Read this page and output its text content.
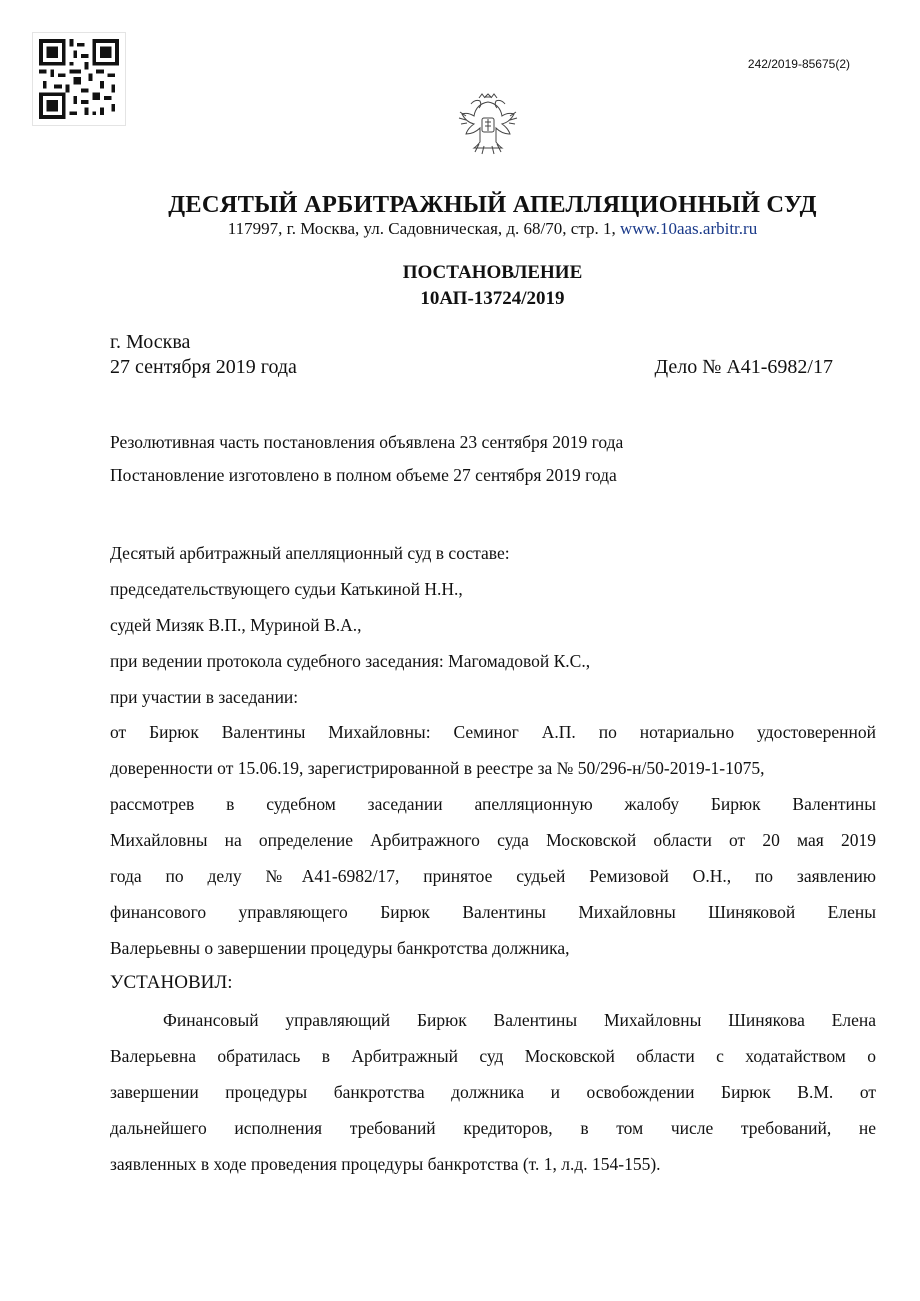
242/2019-85675(2)
ДЕСЯТЫЙ АРБИТРАЖНЫЙ АПЕЛЛЯЦИОННЫЙ СУД
117997, г. Москва, ул. Садовническая, д. 68/70, стр. 1, www.10aas.arbitr.ru
ПОСТАНОВЛЕНИЕ
10АП-13724/2019
г. Москва
27 сентября 2019 года	Дело № А41-6982/17
Резолютивная часть постановления объявлена 23 сентября 2019 года
Постановление изготовлено в полном объеме 27 сентября 2019 года
Десятый арбитражный апелляционный суд в составе:
председательствующего судьи Катькиной Н.Н.,
судей Мизяк В.П., Муриной В.А.,
при ведении протокола судебного заседания: Магомадовой К.С.,
при участии в заседании:
от Бирюк Валентины Михайловны: Семиног А.П. по нотариально удостоверенной
доверенности от 15.06.19, зарегистрированной в реестре за № 50/296-н/50-2019-1-1075,
рассмотрев в судебном заседании апелляционную жалобу Бирюк Валентины
Михайловны на определение Арбитражного суда Московской области от 20 мая 2019
года по делу №А41-6982/17, принятое судьей Ремизовой О.Н., по заявлению
финансового управляющего Бирюк Валентины Михайловны Шиняковой Елены
Валерьевны о завершении процедуры банкротства должника,
УСТАНОВИЛ:
Финансовый управляющий Бирюк Валентины Михайловны Шинякова Елена
Валерьевна обратилась в Арбитражный суд Московской области с ходатайством о
завершении процедуры банкротства должника и освобождении Бирюк В.М. от
дальнейшего исполнения требований кредиторов, в том числе требований, не
заявленных в ходе проведения процедуры банкротства (т. 1, л.д. 154-155).
